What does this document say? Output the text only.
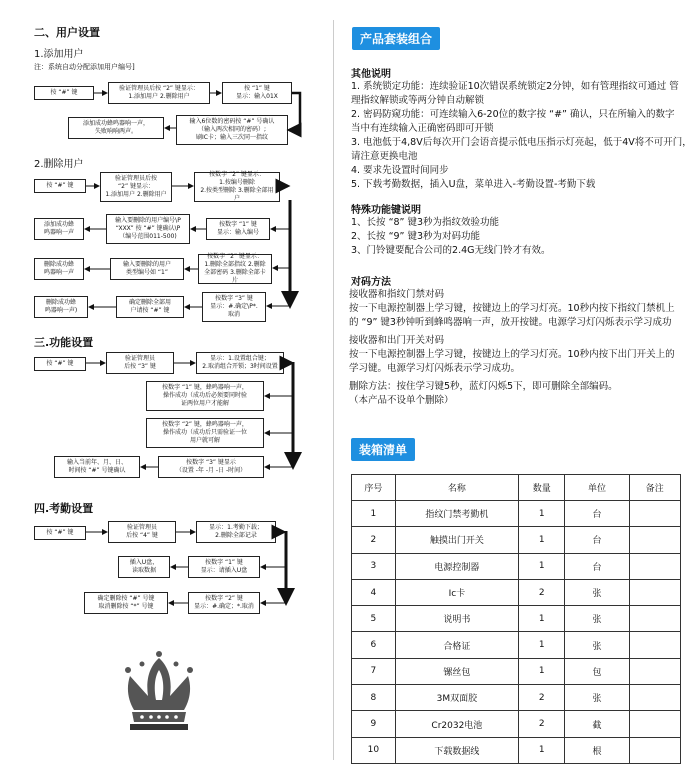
二、用户设置
1.添加用户
注：系统自动分配添加用户编号]
按 “#” 键
验证管理员后按 “2” 键显示：
1.添加用户 2.删除用户
按 “1” 键
显示：输入01X
输入6位数的密码按 “#” 号确认
（输入两次相同的密码）;
刷IC卡；输入三次同一指纹
添加成功蜂鸣器响一声，
失败响响两声。
2.删除用户
按 “#” 键
验证管理员后按
“2” 键显示：
1.添加用户 2.删除用户
按数字 “2” 键显示：
1.按编号删除
2.按类型删除 3.删除全部用户
输入要删除的用户编号\P
“XXX” 按 “#” 键确认\P
（编号范围011-500)
按数字 “1” 键
显示：输入编号
添加成功蜂
鸣器响一声
输入要删除的用户
类型编号如 “1”
按数字 “2” 键显示：
1.删除全部指纹 2.删除
全部密码 3.删除全部卡片
删除成功蜂
鸣器响一声
删除成功蜂
鸣器响一声)
确定删除全部用
户请按 “#” 键
按数字 “3” 键
显示：#.确定\P*.
取消
三.功能设置
按 “#” 键
验证管理员
后按 “3” 键
显示：1.设置组合键；
2.取消组合开锁；3时间设置
按数字 “1” 键，蜂鸣器响一声，
操作成功（成功后必须要同时验
证两位用户才能解
按数字 “2” 键，蜂鸣器响一声，
操作成功（成功后只需验证一位
用户就可解
按数字 “3” 键显示
（设置 -年 -月 -日 -时间）
输入当前年、月、日、
时间按 “#” 号键确认
四.考勤设置
按 “#” 键
验证管理员
后按 “4” 键
显示：1.考勤下载；
2.删除全部记录
插入U盘，
读取数据
按数字 “1” 键
显示：请插入U盘
确定删除按 “#” 号键
取消删除按 “*” 号键
按数字 “2” 键
显示：#.确定；*.取消
产品套装组合
其他说明
1. 系统锁定功能：连续验证10次错误系统锁定2分钟，如有管理指纹可通过 管
理指纹解锁或等两分钟自动解锁
2. 密码防窥功能：可连续输入6-20位的数字按 “#” 确认，只在所输入的数字
当中有连续输入正确密码即可开锁
3. 电池低于4,8V后每次开门会语音提示低电压指示灯亮起，低于4V将不可开门，
请注意更换电池
4. 要求先设置时间同步
5. 下载考勤数据，插入U盘，菜单进入-考勤设置-考勤下载
特殊功能键说明
1、长按 “8” 键3秒为指纹效验功能
2、长按 “9” 键3秒为对码功能
3、门铃键要配合公司的2.4G无线门铃才有效。
对码方法
接收器和指纹门禁对码
按一下电源控制器上学习键，按键边上的学习灯亮。10秒内按下指纹门禁机上
的 “9” 键3秒钟听到蜂鸣器响一声，放开按键。电源学习灯闪烁表示学习成功
接收器和出门开关对码
按一下电源控制器上学习键，按键边上的学习灯亮。10秒内按下出门开关上的
学习键。电源学习灯闪烁表示学习成功。
删除方法：按住学习键5秒，蓝灯闪烁5下，即可删除全部编码。
（本产品不设单个删除）
装箱清单
序号	名称	数量	单位	备注
1	指纹门禁考勤机	1	台	
2	触摸出门开关	1	台	
3	电源控制器	1	台	
4	Ic卡	2	张	
5	说明书	1	张	
6	合格证	1	张	
7	镙丝包	1	包	
8	3M双面胶	2	张	
9	Cr2032电池	2	截	
10	下载数据线	1	根	
